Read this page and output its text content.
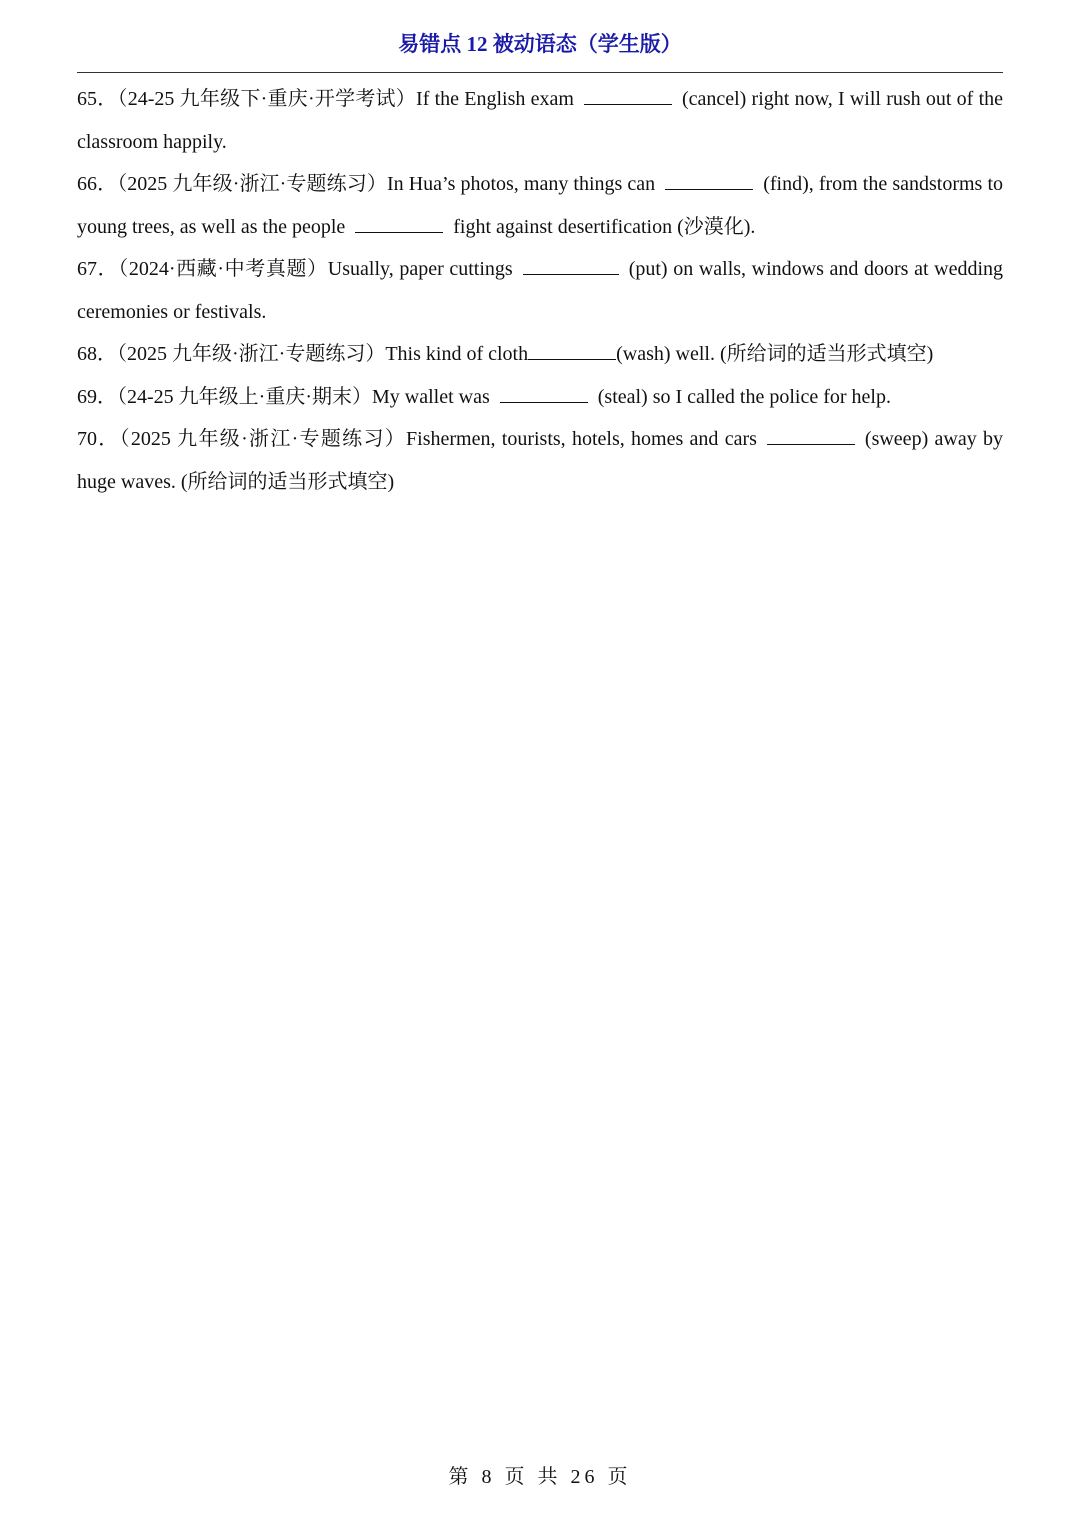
易错点 12 被动语态（学生版）

65．（24-25 九年级下·重庆·开学考试）If the English exam	(cancel) right now, I will rush out of the classroom happily.

66．（2025 九年级·浙江·专题练习）In Hua’s photos, many things can	(find), from the sandstorms to young trees, as well as the people	fight against desertification (沙漠化).

67．（2024·西藏·中考真题）Usually, paper cuttings	(put) on walls, windows and doors at wedding ceremonies or festivals.

68．（2025 九年级·浙江·专题练习）This kind of cloth	(wash) well. (所给词的适当形式填空)

69．（24-25 九年级上·重庆·期末）My wallet was	(steal) so I called the police for help.

70．（2025 九年级·浙江·专题练习）Fishermen, tourists, hotels, homes and cars	(sweep) away by huge waves. (所给词的适当形式填空)

第 8 页 共 26 页
